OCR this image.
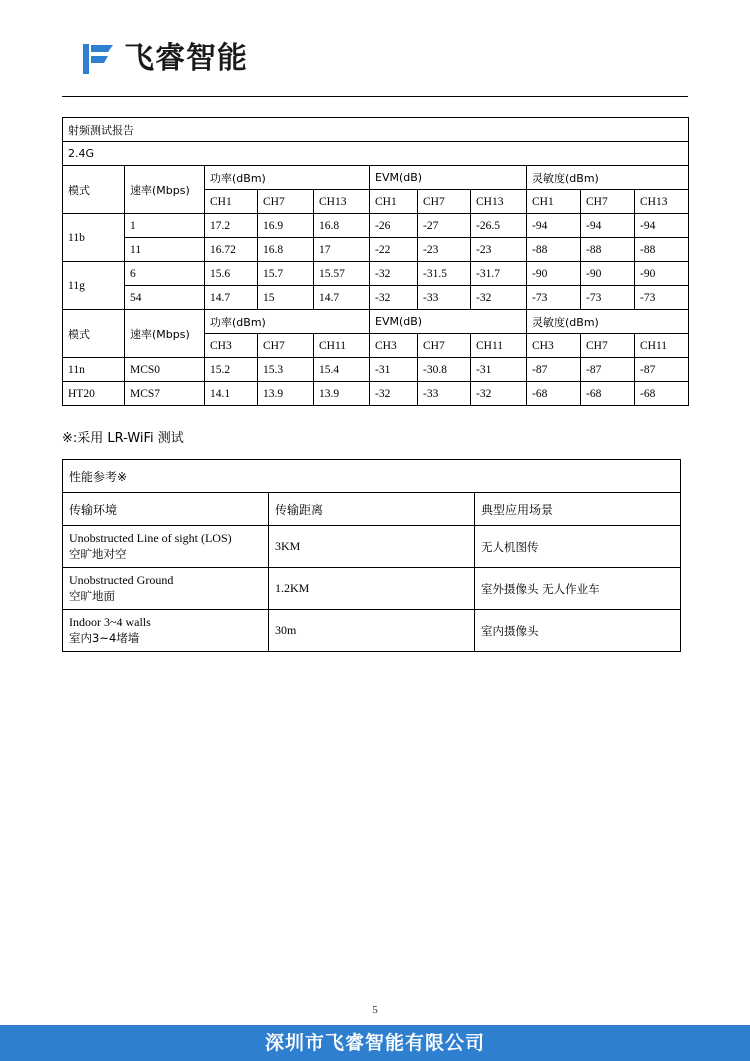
飞睿智能
射频测试报告										
2.4G										
模式	速率(Mbps)	功率(dBm)			EVM(dB)			灵敏度(dBm)		
		CH1	CH7	CH13	CH1	CH7	CH13	CH1	CH7	CH13
11b	1	17.2	16.9	16.8	-26	-27	-26.5	-94	-94	-94
	11	16.72	16.8	17	-22	-23	-23	-88	-88	-88
11g	6	15.6	15.7	15.57	-32	-31.5	-31.7	-90	-90	-90
	54	14.7	15	14.7	-32	-33	-32	-73	-73	-73
模式	速率(Mbps)	功率(dBm)			EVM(dB)			灵敏度(dBm)		
		CH3	CH7	CH11	CH3	CH7	CH11	CH3	CH7	CH11
11n	MCS0	15.2	15.3	15.4	-31	-30.8	-31	-87	-87	-87
HT20	MCS7	14.1	13.9	13.9	-32	-33	-32	-68	-68	-68
※:采用 LR-WiFi 测试
性能参考※		
传输环境	传输距离	典型应用场景

Unobstructed Line of sight (LOS)
空旷地对空	3KM	无人机图传

Unobstructed Ground
空旷地面	1.2KM	室外摄像头 无人作业车

Indoor 3~4 walls
室内3~4堵墙	30m	室内摄像头
5
深圳市飞睿智能有限公司
